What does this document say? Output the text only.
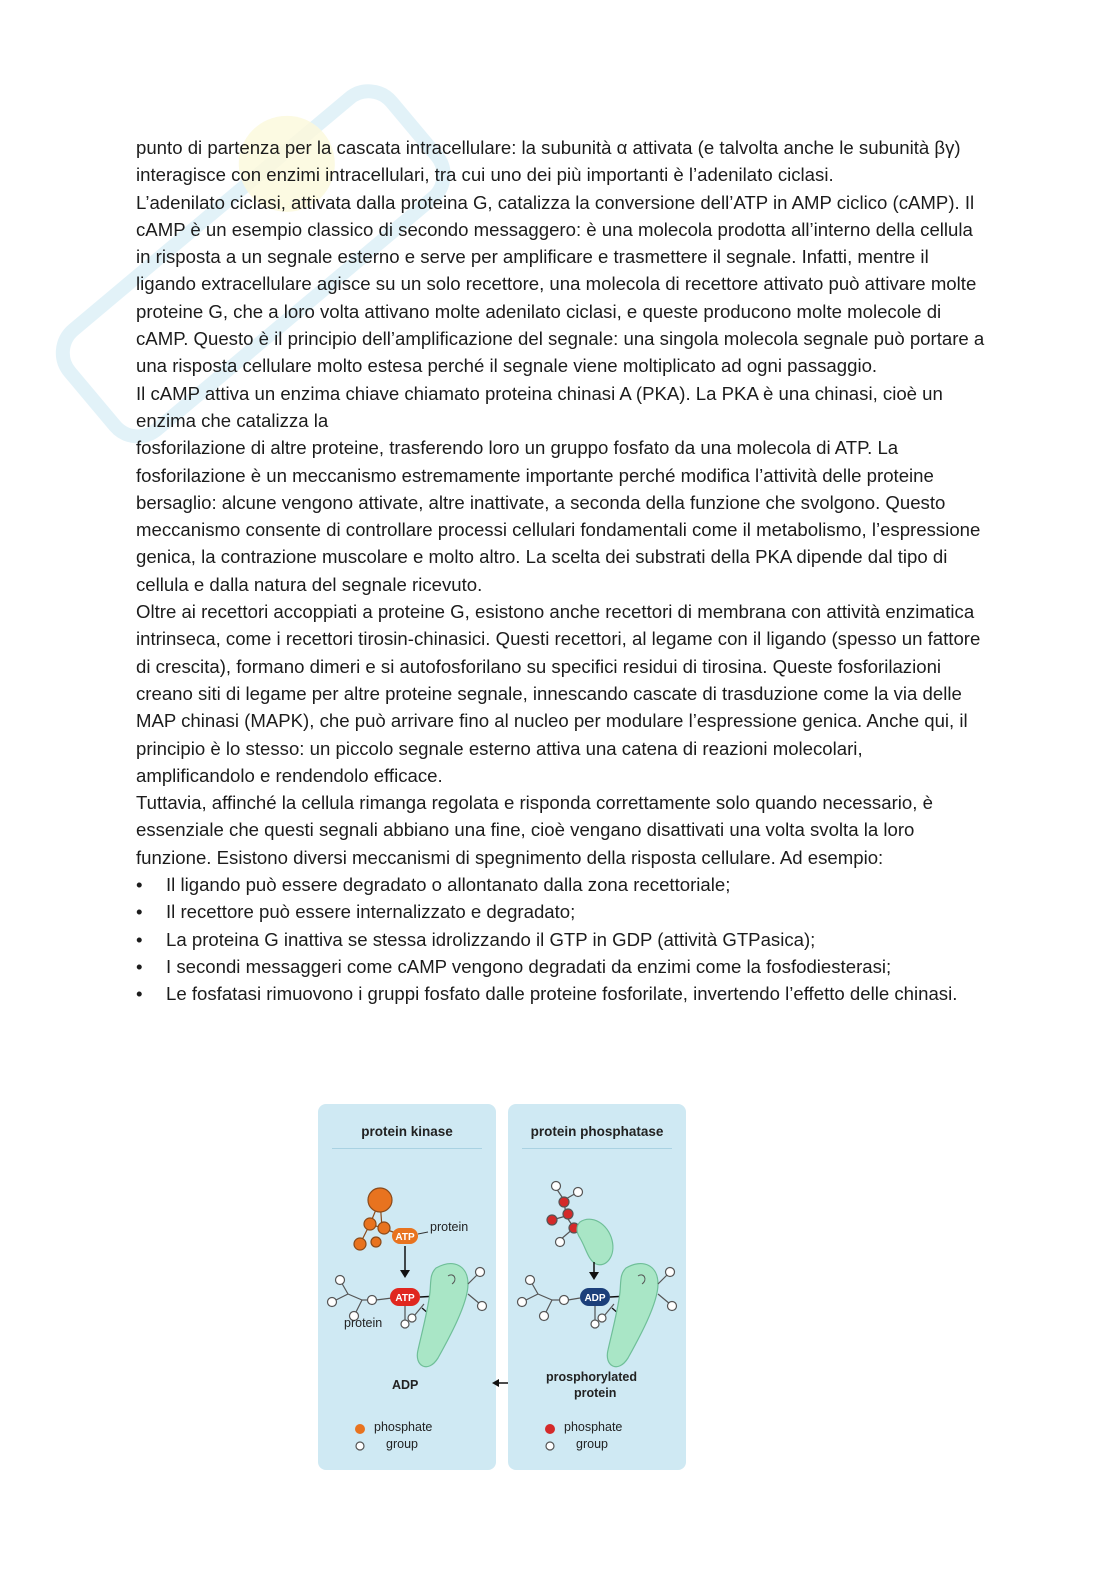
punto di partenza per la cascata intracellulare: la subunità α attivata (e talvolta anche le subunità βγ) interagisce con enzimi intracellulari, tra cui uno dei più importanti è l’adenilato ciclasi.

L’adenilato ciclasi, attivata dalla proteina G, catalizza la conversione dell’ATP in AMP ciclico (cAMP). Il cAMP è un esempio classico di secondo messaggero: è una molecola prodotta all’interno della cellula in risposta a un segnale esterno e serve per amplificare e trasmettere il segnale. Infatti, mentre il ligando extracellulare agisce su un solo recettore, una molecola di recettore attivato può attivare molte proteine G, che a loro volta attivano molte adenilato ciclasi, e queste producono molte molecole di cAMP. Questo è il principio dell’amplificazione del segnale: una singola molecola segnale può portare a una risposta cellulare molto estesa perché il segnale viene moltiplicato ad ogni passaggio.

Il cAMP attiva un enzima chiave chiamato proteina chinasi A (PKA). La PKA è una chinasi, cioè un enzima che catalizza la

fosforilazione di altre proteine, trasferendo loro un gruppo fosfato da una molecola di ATP. La fosforilazione è un meccanismo estremamente importante perché modifica l’attività delle proteine bersaglio: alcune vengono attivate, altre inattivate, a seconda della funzione che svolgono. Questo meccanismo consente di controllare processi cellulari fondamentali come il metabolismo, l’espressione genica, la contrazione muscolare e molto altro. La scelta dei substrati della PKA dipende dal tipo di cellula e dalla natura del segnale ricevuto.

Oltre ai recettori accoppiati a proteine G, esistono anche recettori di membrana con attività enzimatica intrinseca, come i recettori tirosin-chinasici. Questi recettori, al legame con il ligando (spesso un fattore di crescita), formano dimeri e si autofosforilano su specifici residui di tirosina. Queste fosforilazioni creano siti di legame per altre proteine segnale, innescando cascate di trasduzione come la via delle MAP chinasi (MAPK), che può arrivare fino al nucleo per modulare l’espressione genica. Anche qui, il principio è lo stesso: un piccolo segnale esterno attiva una catena di reazioni molecolari, amplificandolo e rendendolo efficace.

Tuttavia, affinché la cellula rimanga regolata e risponda correttamente solo quando necessario, è essenziale che questi segnali abbiano una fine, cioè vengano disattivati una volta svolta la loro funzione. Esistono diversi meccanismi di spegnimento della risposta cellulare. Ad esempio:

• Il ligando può essere degradato o allontanato dalla zona recettoriale;
• Il recettore può essere internalizzato e degradato;
• La proteina G inattiva se stessa idrolizzando il GTP in GDP (attività GTPasica);
• I secondi messaggeri come cAMP vengono degradati da enzimi come la fosfodiesterasi;
• Le fosfatasi rimuovono i gruppi fosfato dalle proteine fosforilate, invertendo l’effetto delle chinasi.
protein kinase
ATP
ATP
protein
protein
ADP
phosphate
group
protein phosphatase
ADP
prosphorylated
protein
phosphate
group
